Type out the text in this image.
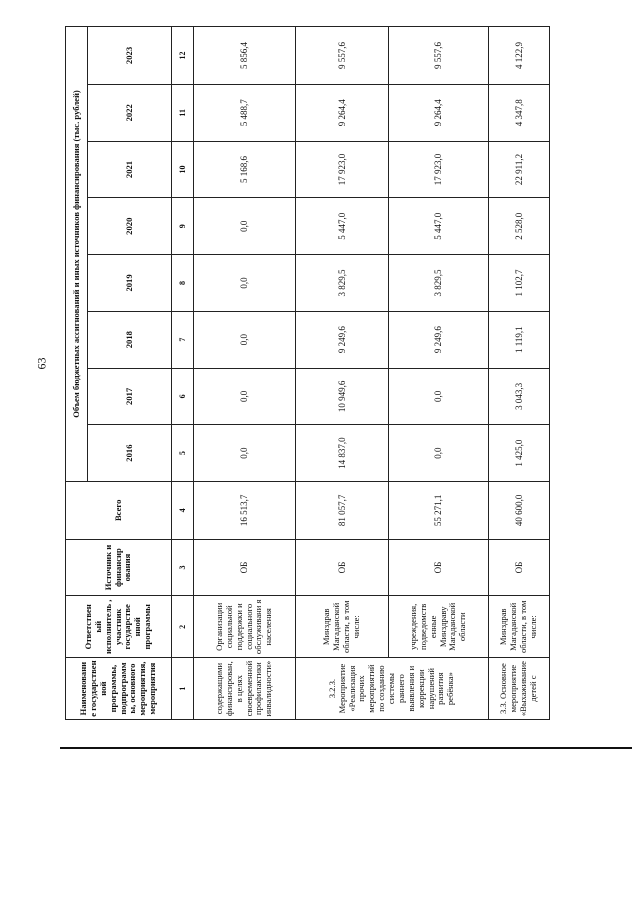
63
Наименовани е государствен ной программы, подпрограмм ы, основного мероприятия, мероприятия	Ответствен ый исполнитель , участник государстве нной программы	Источник и финансир ования	Всего	Объем бюджетных ассигнований и иных источников финансирования (тыс. рублей)							
				2016	2017	2018	2019	2020	2021	2022	2023
1	2	3	4	5	6	7	8	9	10	11	12
содержащими финансирован, в целях своевременной профилактики инвалидности»	Организации социальной поддержки и социального обслуживани я населения	ОБ	16 513,7	0,0	0,0	0,0	0,0	0,0	5 168,6	5 488,7	5 856,4
3.2.3. Мероприятие «Реализация прочих мероприятий по созданию системы раннего выявления и коррекции нарушений развития ребёнка»	Минздрав Магаданской области, в том числе:	ОБ	81 057,7	14 837,0	10 949,6	9 249,6	3 829,5	5 447,0	17 923,0	9 264,4	9 557,6
	учреждения, подведомств енные Минздраву Магаданской области	ОБ	55 271,1	0,0	0,0	9 249,6	3 829,5	5 447,0	17 923,0	9 264,4	9 557,6
3.3. Основное мероприятие «Выхаживание детей с	Минздрав Магаданской области, в том числе:	ОБ	40 600,0	1 425,0	3 043,3	1 119,1	1 102,7	2 528,0	22 911,2	4 347,8	4 122,9
